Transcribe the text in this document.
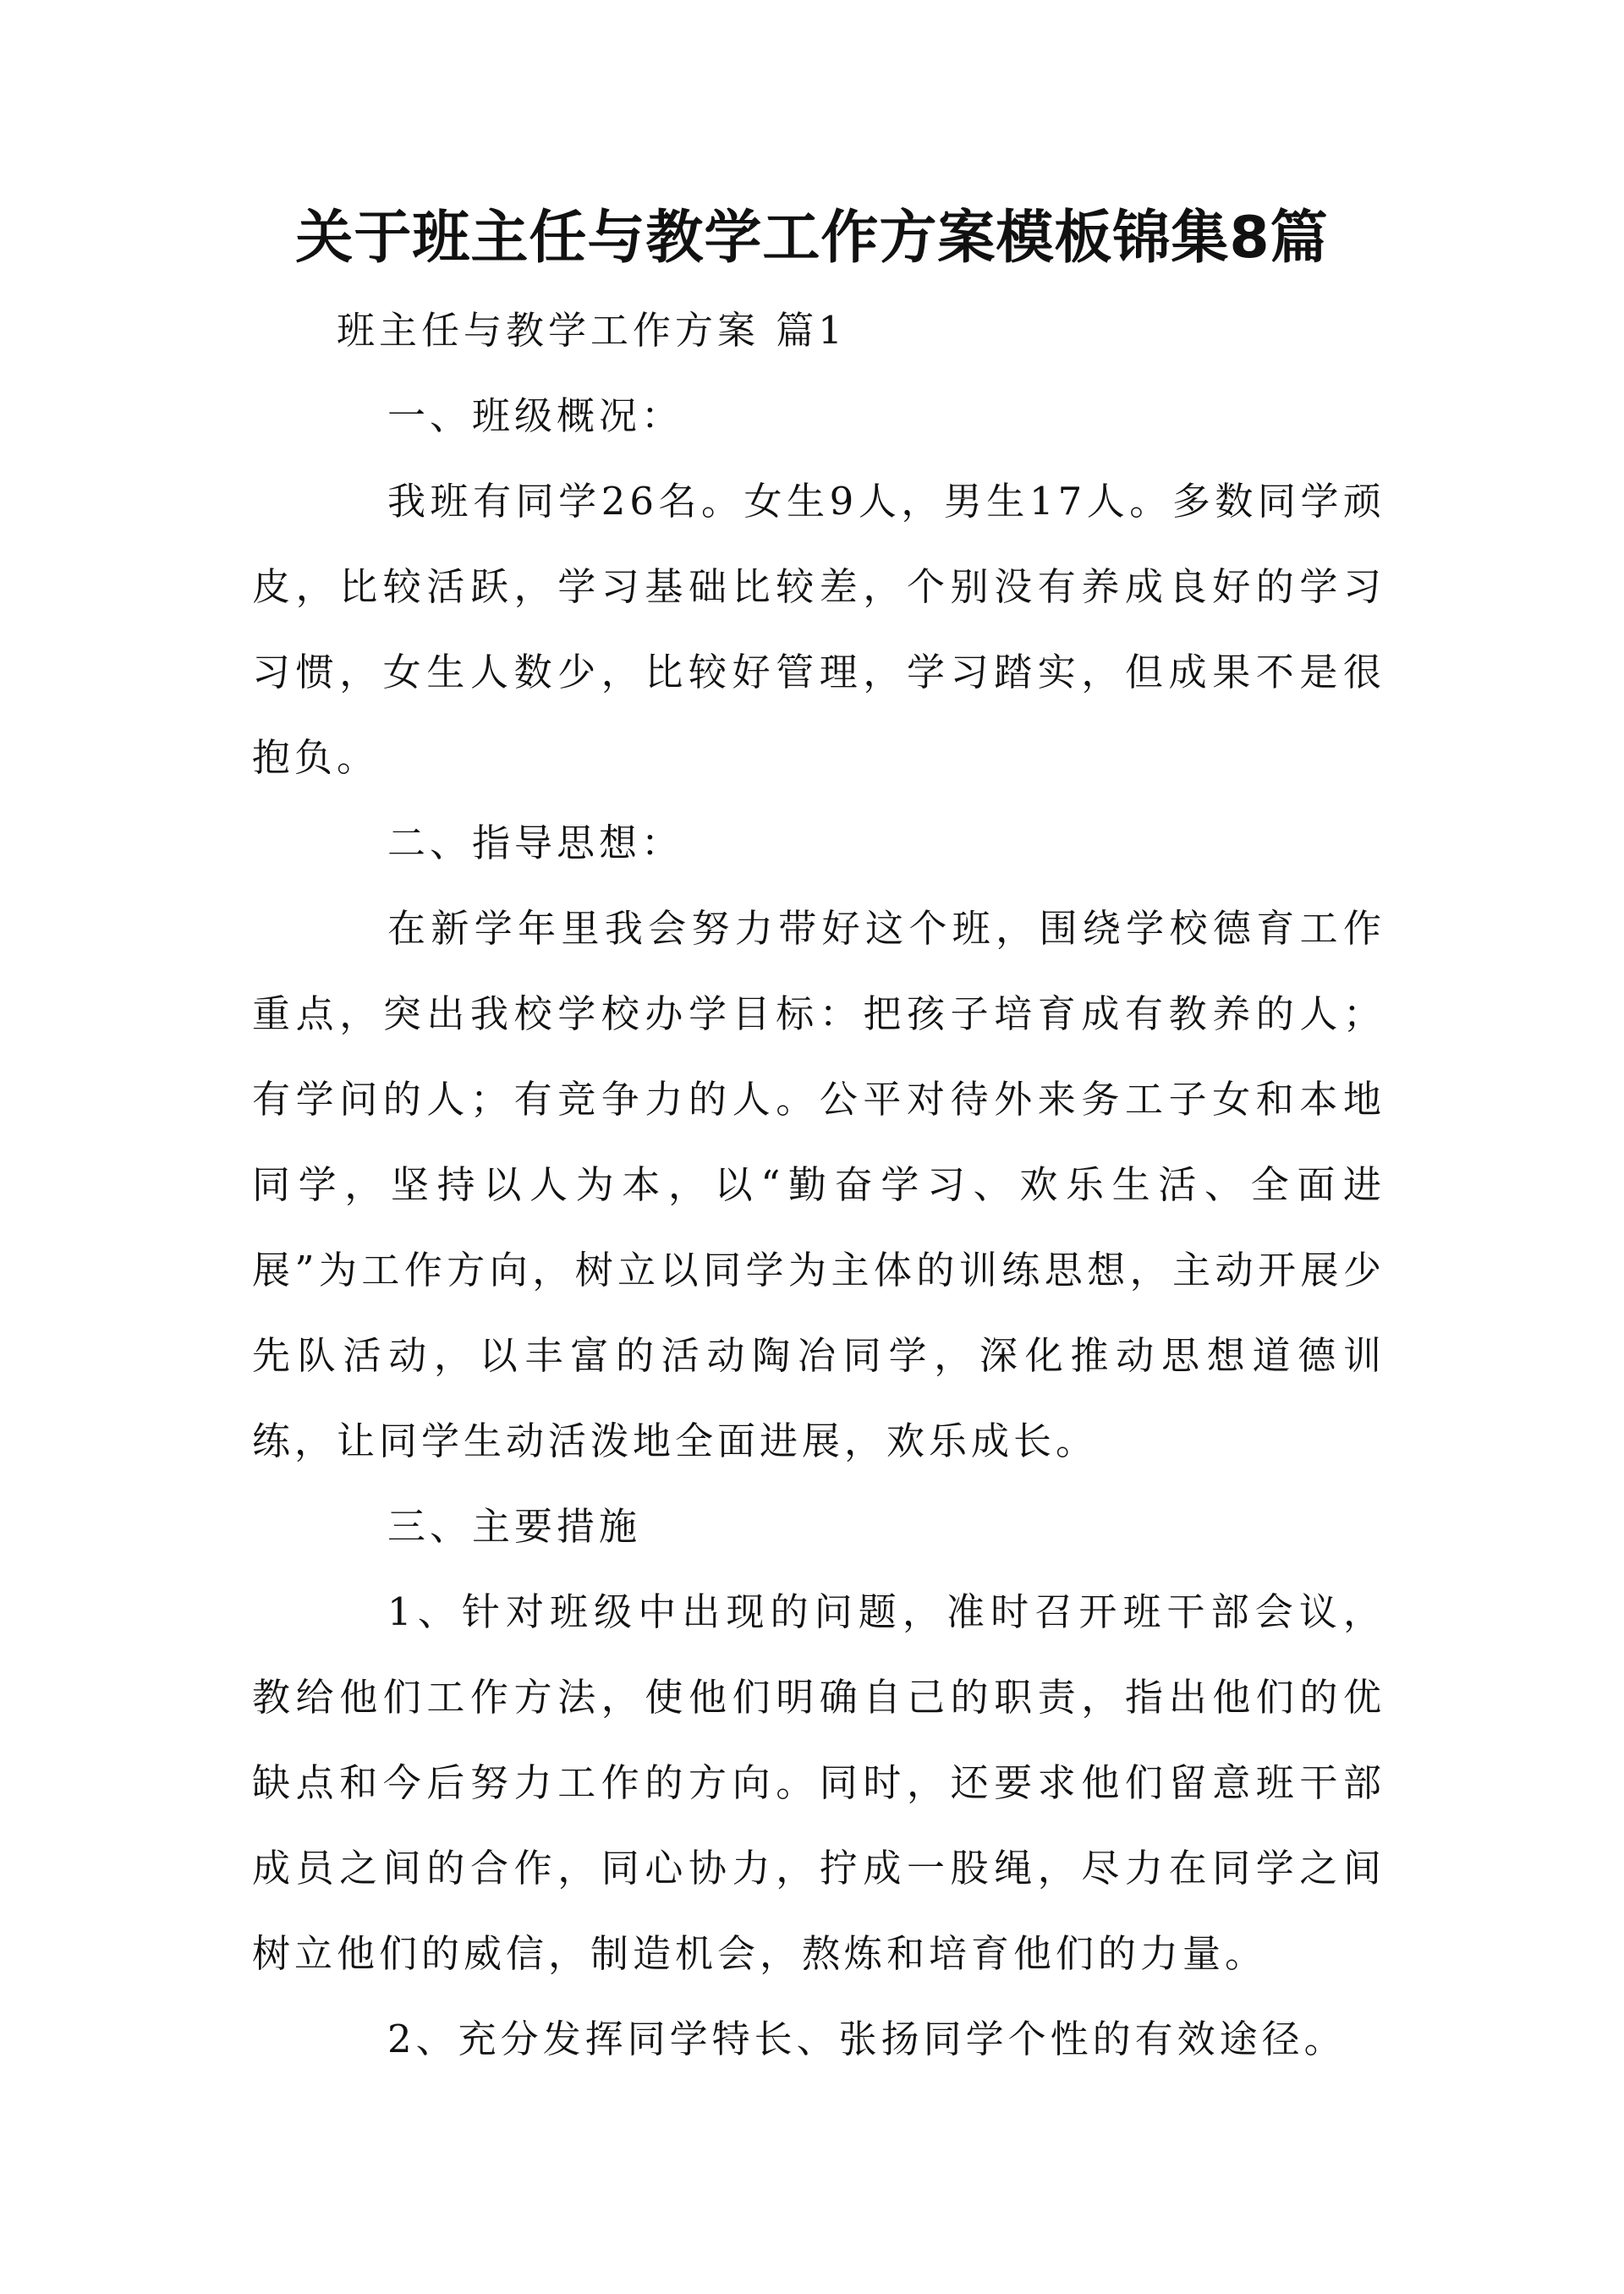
关于班主任与教学工作方案模板锦集8篇

班主任与教学工作方案 篇1

一、班级概况：

我班有同学26名。女生9人，男生17人。多数同学顽皮，比较活跃，学习基础比较差，个别没有养成良好的学习习惯，女生人数少，比较好管理，学习踏实，但成果不是很抱负。

二、指导思想：

在新学年里我会努力带好这个班，围绕学校德育工作重点，突出我校学校办学目标：把孩子培育成有教养的人；有学问的人；有竞争力的人。公平对待外来务工子女和本地同学，坚持以人为本，以“勤奋学习、欢乐生活、全面进展”为工作方向，树立以同学为主体的训练思想，主动开展少先队活动，以丰富的活动陶冶同学，深化推动思想道德训练，让同学生动活泼地全面进展，欢乐成长。

三、主要措施

1、针对班级中出现的问题，准时召开班干部会议，教给他们工作方法，使他们明确自己的职责，指出他们的优缺点和今后努力工作的方向。同时，还要求他们留意班干部成员之间的合作，同心协力，拧成一股绳，尽力在同学之间树立他们的威信，制造机会，熬炼和培育他们的力量。

2、充分发挥同学特长、张扬同学个性的有效途径。
